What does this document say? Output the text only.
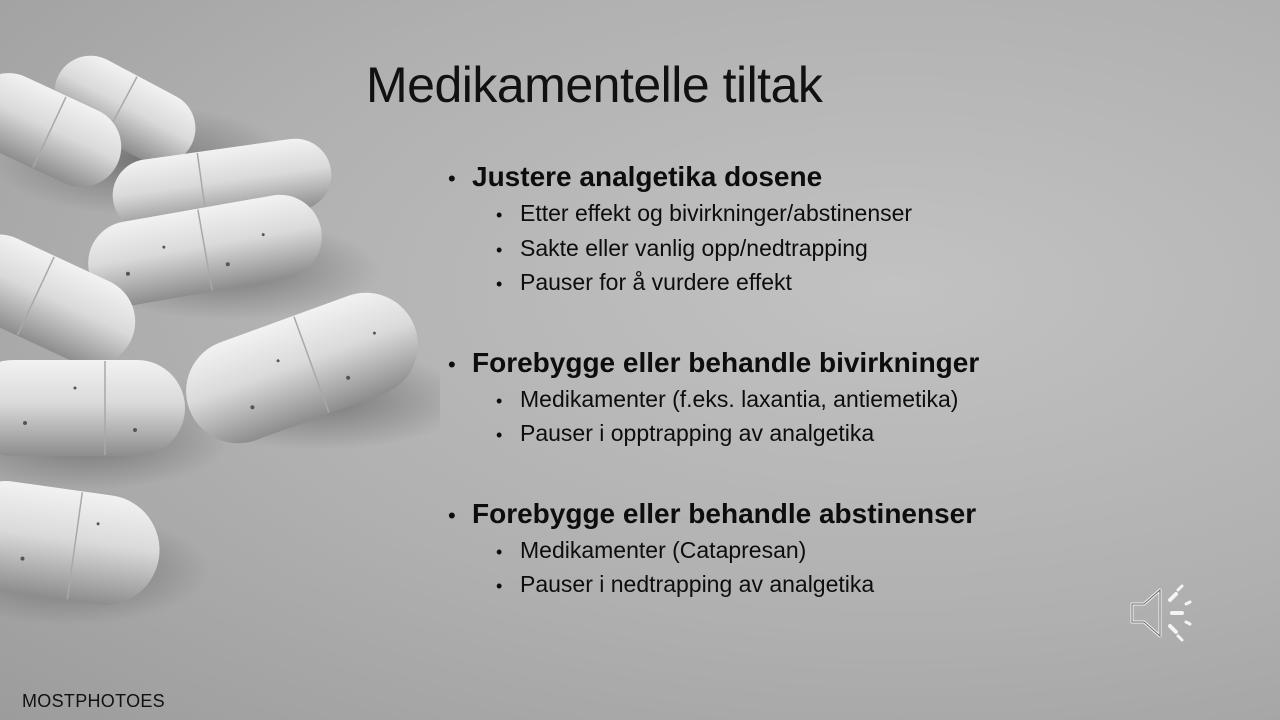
Medikamentelle tiltak
• Justere analgetika dosene
• Etter effekt og bivirkninger/abstinenser
• Sakte eller vanlig opp/nedtrapping
• Pauser for å vurdere effekt
• Forebygge eller behandle bivirkninger
• Medikamenter (f.eks. laxantia, antiemetika)
• Pauser i opptrapping av analgetika
• Forebygge eller behandle abstinenser
• Medikamenter (Catapresan)
• Pauser i nedtrapping av analgetika
MOSTPHOTOES
